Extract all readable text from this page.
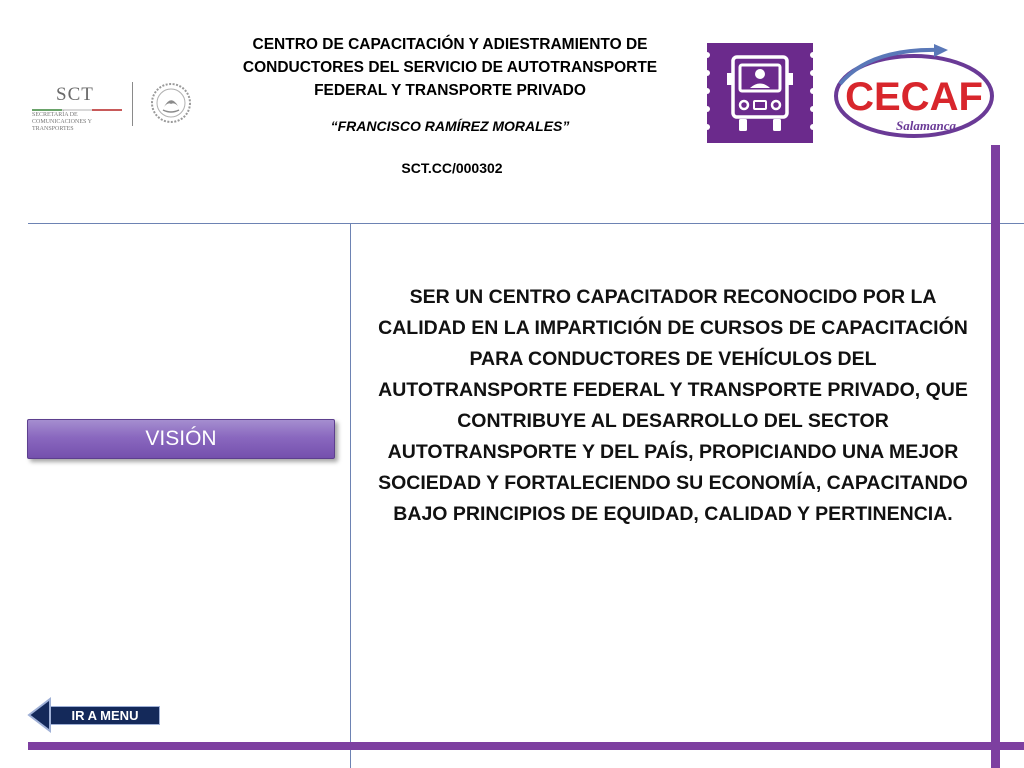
SCT
SECRETARÍA DE COMUNICACIONES Y TRANSPORTES
CENTRO DE CAPACITACIÓN Y ADIESTRAMIENTO DE CONDUCTORES DEL SERVICIO DE AUTOTRANSPORTE FEDERAL Y TRANSPORTE PRIVADO
“FRANCISCO RAMÍREZ MORALES”
SCT.CC/000302
CECAF
Salamanca
VISIÓN
SER UN CENTRO CAPACITADOR RECONOCIDO POR LA CALIDAD EN LA IMPARTICIÓN DE CURSOS DE CAPACITACIÓN PARA CONDUCTORES DE VEHÍCULOS DEL AUTOTRANSPORTE FEDERAL Y TRANSPORTE PRIVADO, QUE CONTRIBUYE AL DESARROLLO DEL SECTOR AUTOTRANSPORTE Y DEL PAÍS, PROPICIANDO UNA MEJOR SOCIEDAD Y FORTALECIENDO SU ECONOMÍA, CAPACITANDO BAJO PRINCIPIOS DE EQUIDAD, CALIDAD Y PERTINENCIA.
IR A MENU
